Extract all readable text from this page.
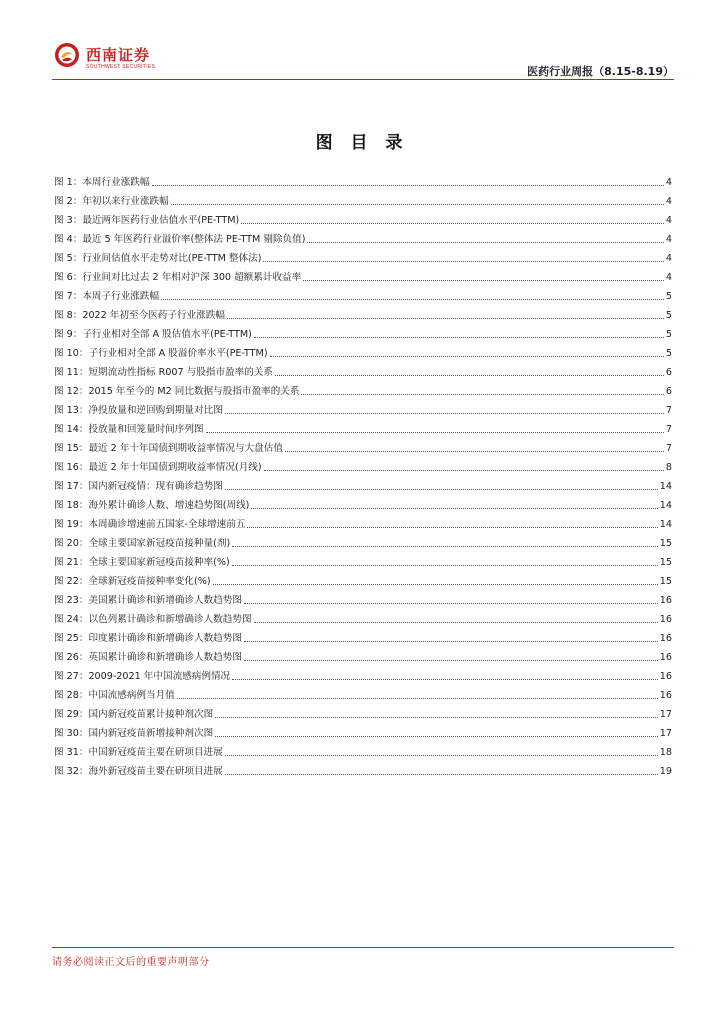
西南证券
SOUTHWEST SECURITIES	医药行业周报（8.15-8.19）
图 目 录
图 1：本周行业涨跌幅	4
图 2：年初以来行业涨跌幅	4
图 3：最近两年医药行业估值水平(PE-TTM)	4
图 4：最近 5 年医药行业溢价率(整体法 PE-TTM 剔除负值)	4
图 5：行业间估值水平走势对比(PE-TTM 整体法)	4
图 6：行业间对比过去 2 年相对沪深 300 超额累计收益率	4
图 7：本周子行业涨跌幅	5
图 8：2022 年初至今医药子行业涨跌幅	5
图 9：子行业相对全部 A 股估值水平(PE-TTM)	5
图 10：子行业相对全部 A 股溢价率水平(PE-TTM)	5
图 11：短期流动性指标 R007 与股指市盈率的关系	6
图 12：2015 年至今的 M2 同比数据与股指市盈率的关系	6
图 13：净投放量和逆回购到期量对比图	7
图 14：投放量和回笼量时间序列图	7
图 15：最近 2 年十年国债到期收益率情况与大盘估值	7
图 16：最近 2 年十年国债到期收益率情况(月线)	8
图 17：国内新冠疫情：现有确诊趋势图	14
图 18：海外累计确诊人数、增速趋势图(周线)	14
图 19：本周确诊增速前五国家-全球增速前五	14
图 20：全球主要国家新冠疫苗接种量(剂)	15
图 21：全球主要国家新冠疫苗接种率(%)	15
图 22：全球新冠疫苗接种率变化(%)	15
图 23：美国累计确诊和新增确诊人数趋势图	16
图 24：以色列累计确诊和新增确诊人数趋势图	16
图 25：印度累计确诊和新增确诊人数趋势图	16
图 26：英国累计确诊和新增确诊人数趋势图	16
图 27：2009-2021 年中国流感病例情况	16
图 28：中国流感病例当月值	16
图 29：国内新冠疫苗累计接种剂次图	17
图 30：国内新冠疫苗新增接种剂次图	17
图 31：中国新冠疫苗主要在研项目进展	18
图 32：海外新冠疫苗主要在研项目进展	19
请务必阅读正文后的重要声明部分
